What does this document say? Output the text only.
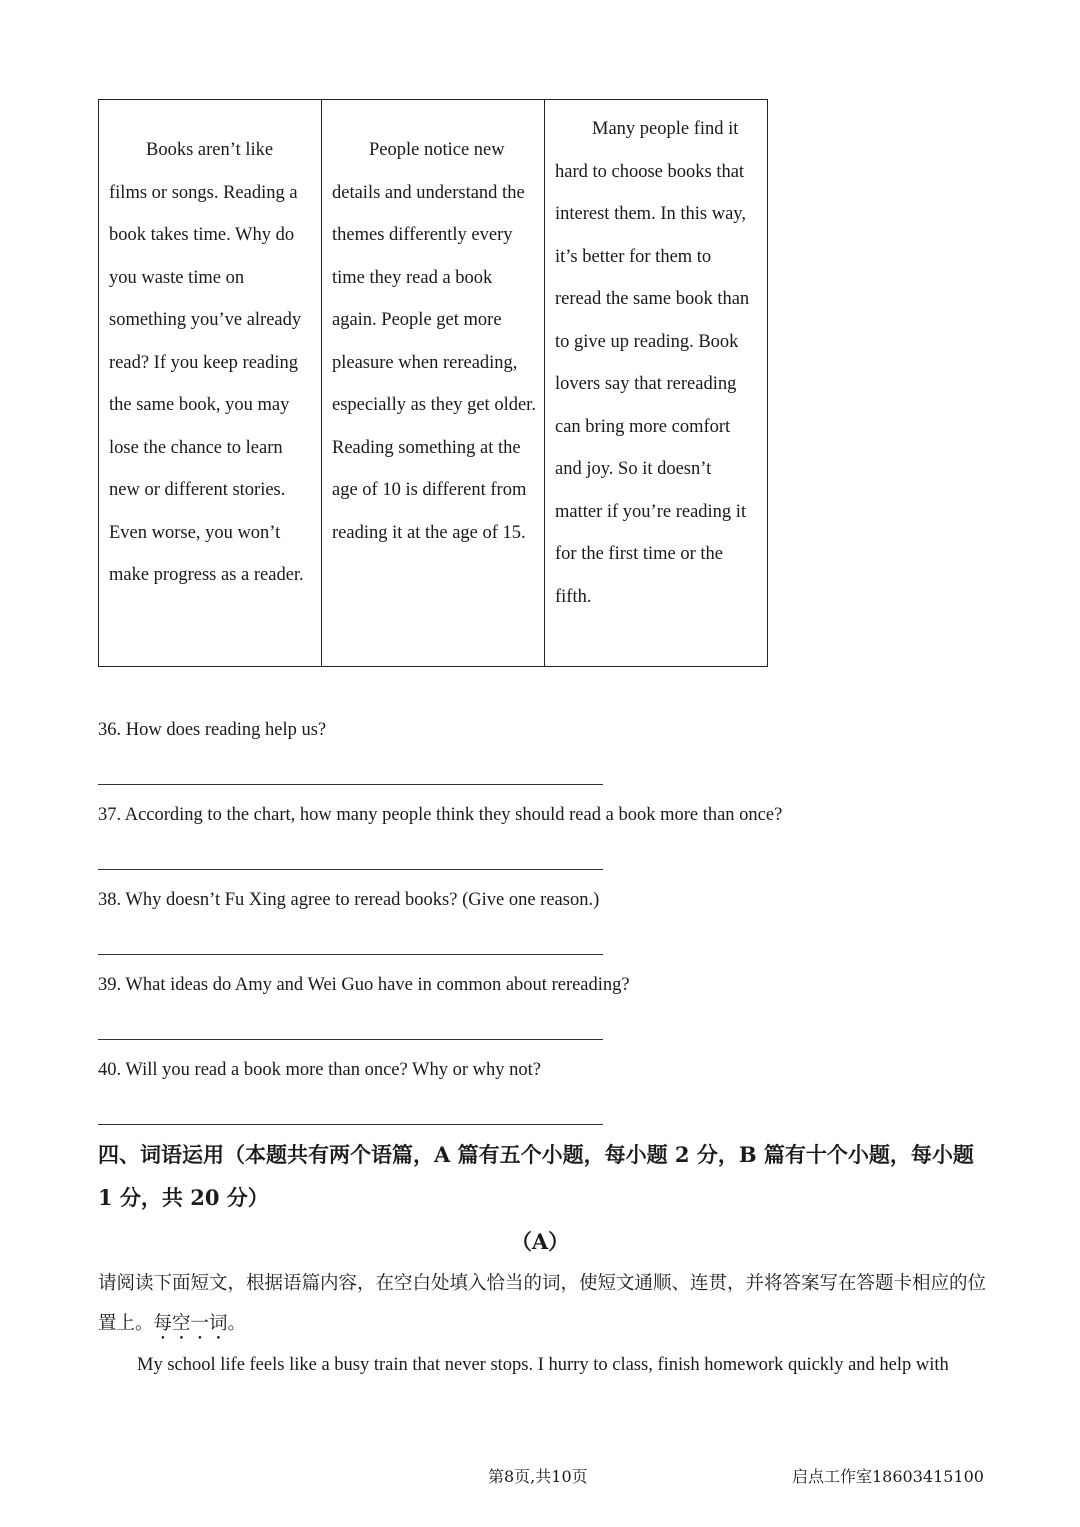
Books aren’t like films or songs. Reading a book takes time. Why do you waste time on something you’ve already read? If you keep reading the same book, you may lose the chance to learn new or different stories. Even worse, you won’t make progress as a reader.

People notice new details and understand the themes differently every time they read a book again. People get more pleasure when rereading, especially as they get older. Reading something at the age of 10 is different from reading it at the age of 15.

Many people find it hard to choose books that interest them. In this way, it’s better for them to reread the same book than to give up reading. Book lovers say that rereading can bring more comfort and joy. So it doesn’t matter if you’re reading it for the first time or the fifth.

36. How does reading help us?
37. According to the chart, how many people think they should read a book more than once?
38. Why doesn’t Fu Xing agree to reread books? (Give one reason.)
39. What ideas do Amy and Wei Guo have in common about rereading?
40. Will you read a book more than once? Why or why not?
四、词语运用（本题共有两个语篇，A 篇有五个小题，每小题 2 分，B 篇有十个小题，每小题 1 分，共 20 分）
（A）
请阅读下面短文，根据语篇内容，在空白处填入恰当的词，使短文通顺、连贯，并将答案写在答题卡相应的位置上。每空一词。
My school life feels like a busy train that never stops. I hurry to class, finish homework quickly and help with
第8页,共10页	启点工作室18603415100
